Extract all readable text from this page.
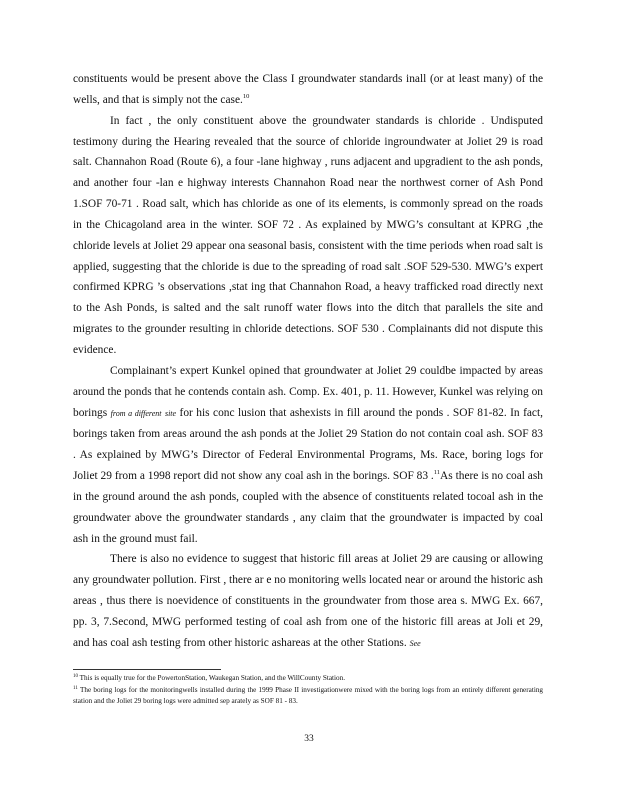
constituents would be present above the Class I groundwater standards inall (or at least many) of the wells, and that is simply not the case.$^{10}$

In fact , the only constituent above the groundwater standards is chloride . Undisputed testimony during the Hearing revealed that the source of chloride ingroundwater at Joliet 29 is road salt. Channahon Road (Route 6), a four -lane highway , runs adjacent and upgradient to the ash ponds, and another four -lan e highway interests Channahon Road near the northwest corner of Ash Pond 1.SOF 70-71 . Road salt, which has chloride as one of its elements, is commonly spread on the roads in the Chicagoland area in the winter. SOF 72 . As explained by MWG’s consultant at KPRG ,the chloride levels at Joliet 29 appear ona seasonal basis, consistent with the time periods when road salt is applied, suggesting that the chloride is due to the spreading of road salt .SOF 529-530. MWG’s expert confirmed KPRG ’s observations ,stat ing that Channahon Road, a heavy trafficked road directly next to the Ash Ponds, is salted and the salt runoff water flows into the ditch that parallels the site and migrates to the grounder resulting in chloride detections. SOF 530 . Complainants did not dispute this evidence.

Complainant’s expert Kunkel opined that groundwater at Joliet 29 couldbe impacted by areas around the ponds that he contends contain ash. Comp. Ex. 401, p. 11. However, Kunkel was relying on borings from a different site for his conc lusion that ashexists in fill around the ponds . SOF 81-82. In fact, borings taken from areas around the ash ponds at the Joliet 29 Station do not contain coal ash. SOF 83 . As explained by MWG’s Director of Federal Environmental Programs, Ms. Race, boring logs for Joliet 29 from a 1998 report did not show any coal ash in the borings. SOF 83 .$^{11}$As there is no coal ash in the ground around the ash ponds, coupled with the absence of constituents related tocoal ash in the groundwater above the groundwater standards , any claim that the groundwater is impacted by coal ash in the ground must fail.

There is also no evidence to suggest that historic fill areas at Joliet 29 are causing or allowing any groundwater pollution. First , there ar e no monitoring wells located near or around the historic ash areas , thus there is noevidence of constituents in the groundwater from those area s. MWG Ex. 667, pp. 3, 7.Second, MWG performed testing of coal ash from one of the historic fill areas at Joli et 29, and has coal ash testing from other historic ashareas at the other Stations. See

$^{10}$ This is equally true for the PowertonStation, Waukegan Station, and the WillCounty Station.

$^{11}$ The boring logs for the monitoringwells installed during the 1999 Phase II investigationwere mixed with the boring logs from an entirely different generating station and the Joliet 29 boring logs were admitted sep arately as SOF 81 - 83.

33
